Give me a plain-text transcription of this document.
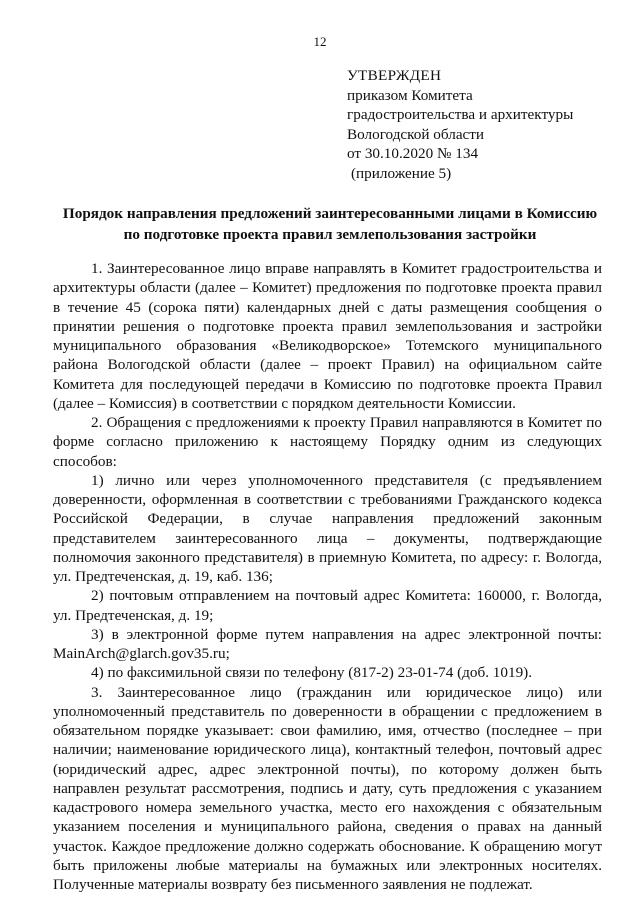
12
УТВЕРЖДЕН
приказом Комитета
градостроительства и архитектуры
Вологодской области
от 30.10.2020 № 134
(приложение 5)
Порядок направления предложений заинтересованными лицами в Комиссию
по подготовке проекта правил землепользования застройки

1. Заинтересованное лицо вправе направлять в Комитет градостроительства и архитектуры области (далее – Комитет) предложения по подготовке проекта правил в течение 45 (сорока пяти) календарных дней с даты размещения сообщения о принятии решения о подготовке проекта правил землепользования и застройки муниципального образования «Великодворское» Тотемского муниципального района Вологодской области (далее – проект Правил) на официальном сайте Комитета для последующей передачи в Комиссию по подготовке проекта Правил (далее – Комиссия) в соответствии с порядком деятельности Комиссии.

2. Обращения с предложениями к проекту Правил направляются в Комитет по форме согласно приложению к настоящему Порядку одним из следующих способов:

1) лично или через уполномоченного представителя (с предъявлением доверенности, оформленная в соответствии с требованиями Гражданского кодекса Российской Федерации, в случае направления предложений законным представителем заинтересованного лица – документы, подтверждающие полномочия законного представителя) в приемную Комитета, по адресу: г. Вологда, ул. Предтеченская, д. 19, каб. 136;

2) почтовым отправлением на почтовый адрес Комитета: 160000, г. Вологда, ул. Предтеченская, д. 19;

3) в электронной форме путем направления на адрес электронной почты: MainArch@glarch.gov35.ru;

4) по факсимильной связи по телефону (817-2) 23-01-74 (доб. 1019).

3. Заинтересованное лицо (гражданин или юридическое лицо) или уполномоченный представитель по доверенности в обращении с предложением в обязательном порядке указывает: свои фамилию, имя, отчество (последнее – при наличии; наименование юридического лица), контактный телефон, почтовый адрес (юридический адрес, адрес электронной почты), по которому должен быть направлен результат рассмотрения, подпись и дату, суть предложения с указанием кадастрового номера земельного участка, место его нахождения с обязательным указанием поселения и муниципального района, сведения о правах на данный участок. Каждое предложение должно содержать обоснование. К обращению могут быть приложены любые материалы на бумажных или электронных носителях. Полученные материалы возврату без письменного заявления не подлежат.
